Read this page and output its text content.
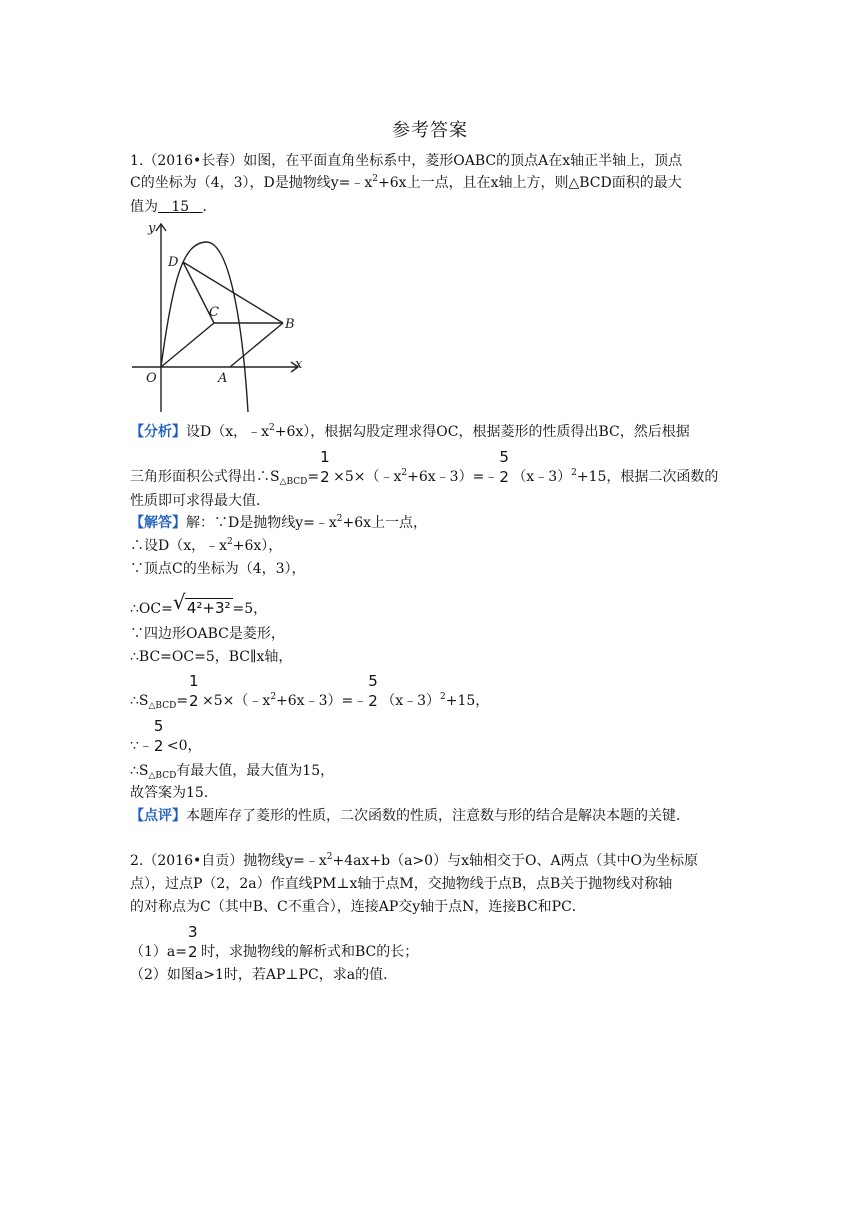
参考答案
1.（2016•长春）如图，在平面直角坐标系中，菱形OABC的顶点A在x轴正半轴上，顶点
C的坐标为（4，3），D是抛物线$y=﹣x^2+6x$上一点，且在x轴上方，则△BCD面积的最大
值为 15 ．
y
x
O	A
B
C
D
【分析】设D（x，$﹣x^2+6x$），根据勾股定理求得OC，根据菱形的性质得出BC，然后根据
三角形面积公式得出$\therefore S_{\triangle BCD}=$
1
$2 \times 5\times(﹣x^2+6x﹣3)=﹣$
5
2 （x﹣3）$^2$+15，根据二次函数的
性质即可求得最大值．
【解答】解：∵D是抛物线$y=﹣x^2+6x$上一点，
∴设D（x，$﹣x^2+6x$），
∵顶点C的坐标为（4，3），
∴OC= √ 4²+3² =5，
∵四边形OABC是菱形，
∴BC=OC=5，BC∥x轴，
$\therefore S_{\triangle BCD}=$
1
$2 \times 5\times(﹣x^2+6x﹣3)=﹣$
5
2 （x﹣3）$^2$+15，
∵﹣
5
2 <0，
$\therefore S_{\triangle BCD}$有最大值，最大值为15，
故答案为15．
【点评】本题库存了菱形的性质，二次函数的性质，注意数与形的结合是解决本题的关键．
2.（2016•自贡）抛物线$y=﹣x^2+4ax+b(a>0)$与x轴相交于O、A两点（其中O为坐标原
点），过点P（2，2a）作直线PM⊥x轴于点M，交抛物线于点B，点B关于抛物线对称轴
的对称点为C（其中B、C不重合），连接AP交y轴于点N，连接BC和PC．
（1）a=
3
2 时，求抛物线的解析式和BC的长；
（2）如图a>1时，若AP⊥PC，求a的值．
